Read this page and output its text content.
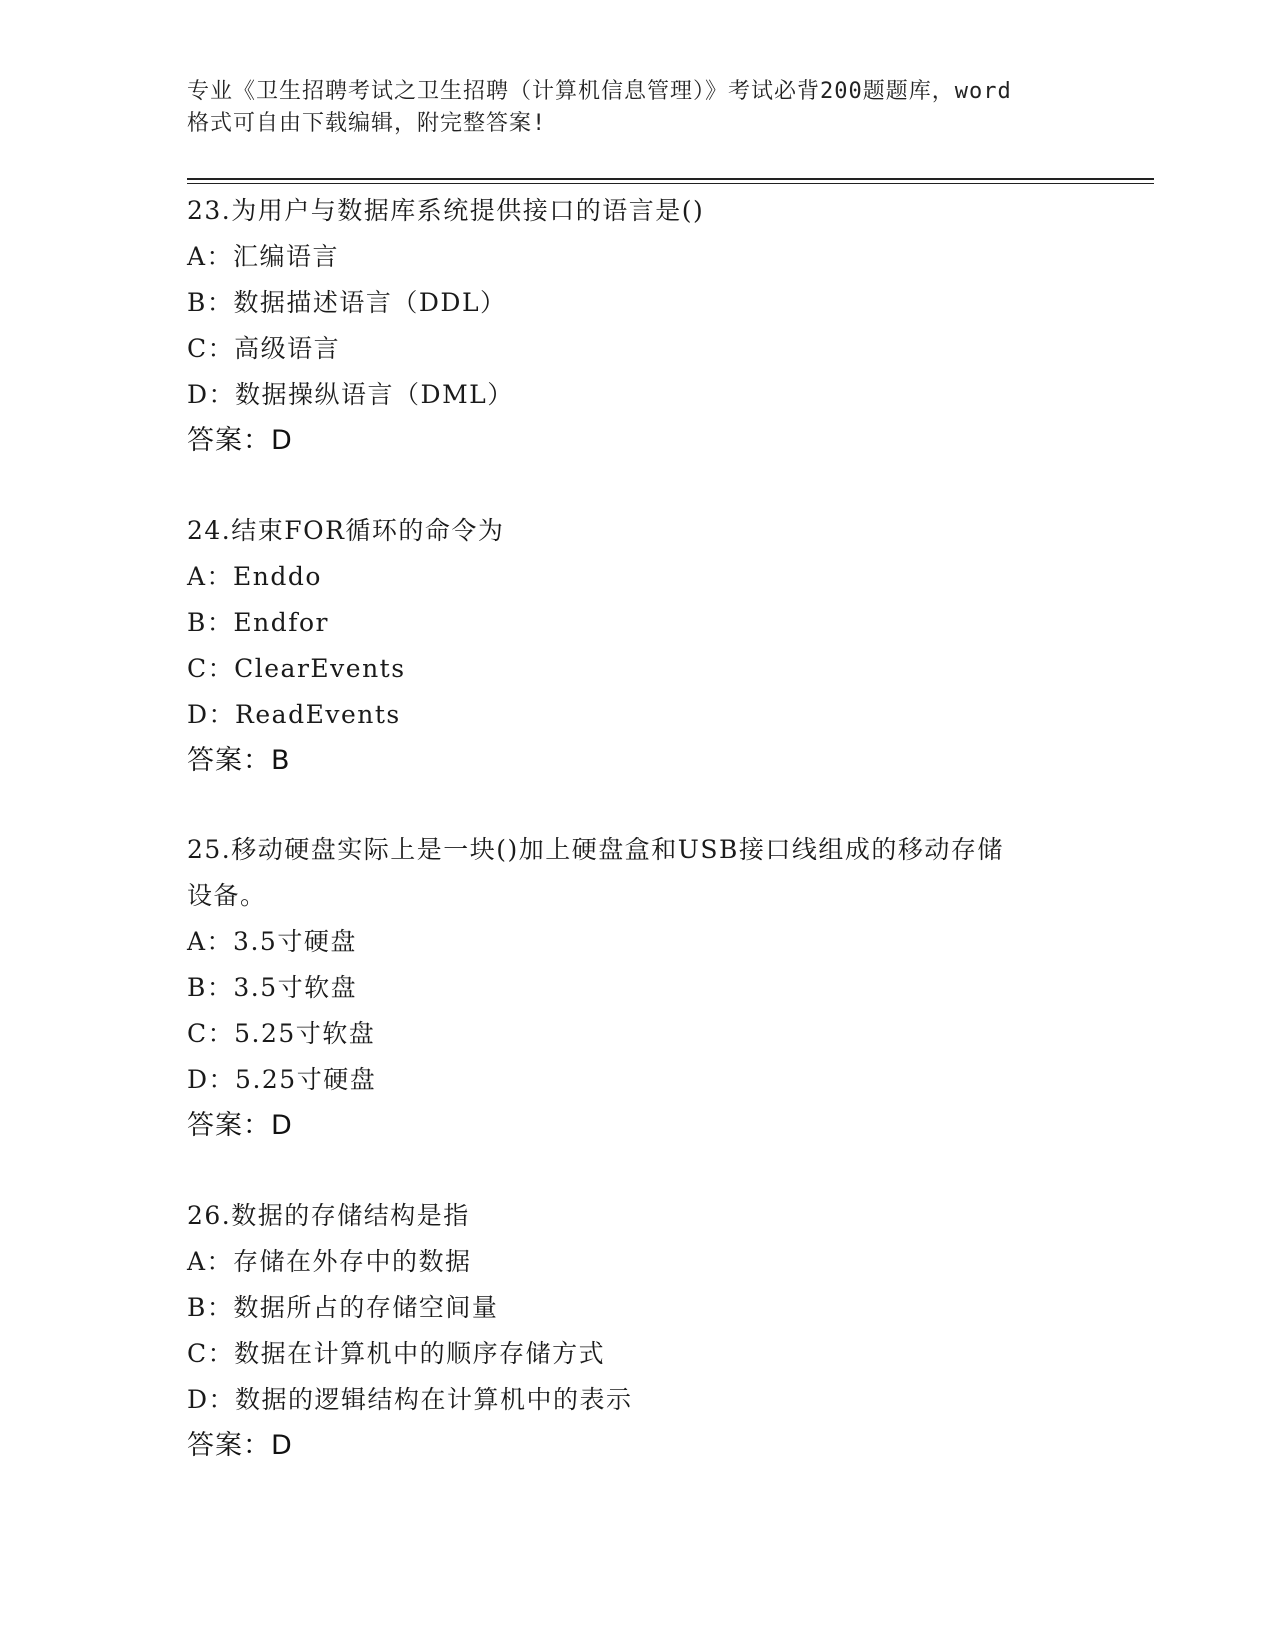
专业《卫生招聘考试之卫生招聘（计算机信息管理）》考试必背200题题库，word
格式可自由下载编辑，附完整答案!
23.为用户与数据库系统提供接口的语言是()
A：汇编语言
B：数据描述语言（DDL）
C：高级语言
D：数据操纵语言（DML）
答案：D
24.结束FOR循环的命令为
A：Enddo
B：Endfor
C：ClearEvents
D：ReadEvents
答案：B
25.移动硬盘实际上是一块()加上硬盘盒和USB接口线组成的移动存储
设备。
A：3.5寸硬盘
B：3.5寸软盘
C：5.25寸软盘
D：5.25寸硬盘
答案：D
26.数据的存储结构是指
A：存储在外存中的数据
B：数据所占的存储空间量
C：数据在计算机中的顺序存储方式
D：数据的逻辑结构在计算机中的表示
答案：D
